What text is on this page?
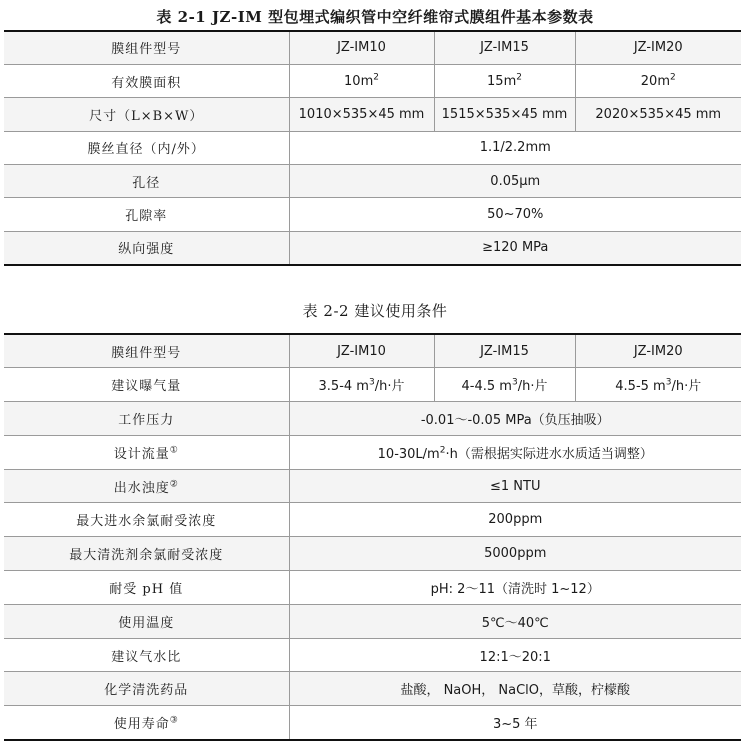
表 2-1 JZ-IM 型包埋式编织管中空纤维帘式膜组件基本参数表
膜组件型号	JZ-IM10	JZ-IM15	JZ-IM20
有效膜面积	$10m^2$	$15m^2$	$20m^2$
尺寸（L×B×W）	1010×535×45 mm	1515×535×45 mm	2020×535×45 mm
膜丝直径（内/外）	1.1/2.2mm		
孔径	0.05μm		
孔隙率	50~70%		
纵向强度	≥120 MPa		
表 2-2 建议使用条件
膜组件型号	JZ-IM10	JZ-IM15	JZ-IM20
建议曝气量	3.5-4 $m^3/h\cdot$片	4-4.5 $m^3/h\cdot$片	4.5-5 $m^3/h\cdot$片
工作压力	-0.01～-0.05 MPa（负压抽吸）		
设计流量①	$10-30L/m^2\cdot h$（需根据实际进水水质适当调整）		
出水浊度②	≤1 NTU		
最大进水余氯耐受浓度	200ppm		
最大清洗剂余氯耐受浓度	5000ppm		
耐受 pH 值	pH: 2～11（清洗时 1~12）		
使用温度	5℃～40℃		
建议气水比	12:1～20:1		
化学清洗药品	盐酸， NaOH， NaClO，草酸，柠檬酸		
使用寿命③	3~5 年		
